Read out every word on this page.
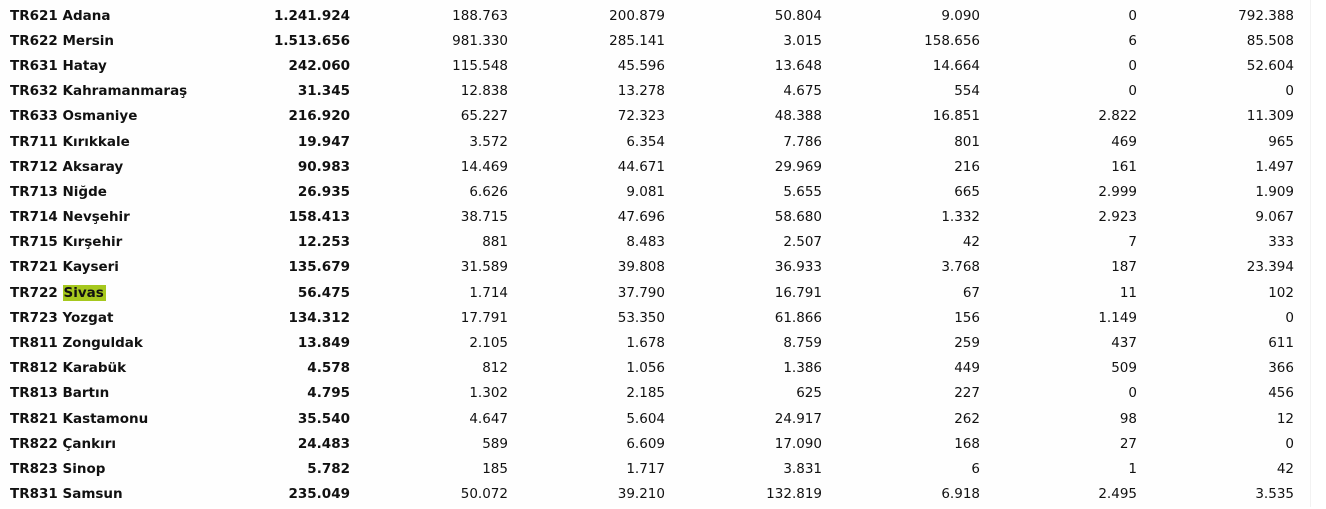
TR621 Adana	1.241.924	188.763	200.879	50.804	9.090	0	792.388
TR622 Mersin	1.513.656	981.330	285.141	3.015	158.656	6	85.508
TR631 Hatay	242.060	115.548	45.596	13.648	14.664	0	52.604
TR632 Kahramanmaraş	31.345	12.838	13.278	4.675	554	0	0
TR633 Osmaniye	216.920	65.227	72.323	48.388	16.851	2.822	11.309
TR711 Kırıkkale	19.947	3.572	6.354	7.786	801	469	965
TR712 Aksaray	90.983	14.469	44.671	29.969	216	161	1.497
TR713 Niğde	26.935	6.626	9.081	5.655	665	2.999	1.909
TR714 Nevşehir	158.413	38.715	47.696	58.680	1.332	2.923	9.067
TR715 Kırşehir	12.253	881	8.483	2.507	42	7	333
TR721 Kayseri	135.679	31.589	39.808	36.933	3.768	187	23.394
TR722 Sivas	56.475	1.714	37.790	16.791	67	11	102
TR723 Yozgat	134.312	17.791	53.350	61.866	156	1.149	0
TR811 Zonguldak	13.849	2.105	1.678	8.759	259	437	611
TR812 Karabük	4.578	812	1.056	1.386	449	509	366
TR813 Bartın	4.795	1.302	2.185	625	227	0	456
TR821 Kastamonu	35.540	4.647	5.604	24.917	262	98	12
TR822 Çankırı	24.483	589	6.609	17.090	168	27	0
TR823 Sinop	5.782	185	1.717	3.831	6	1	42
TR831 Samsun	235.049	50.072	39.210	132.819	6.918	2.495	3.535
